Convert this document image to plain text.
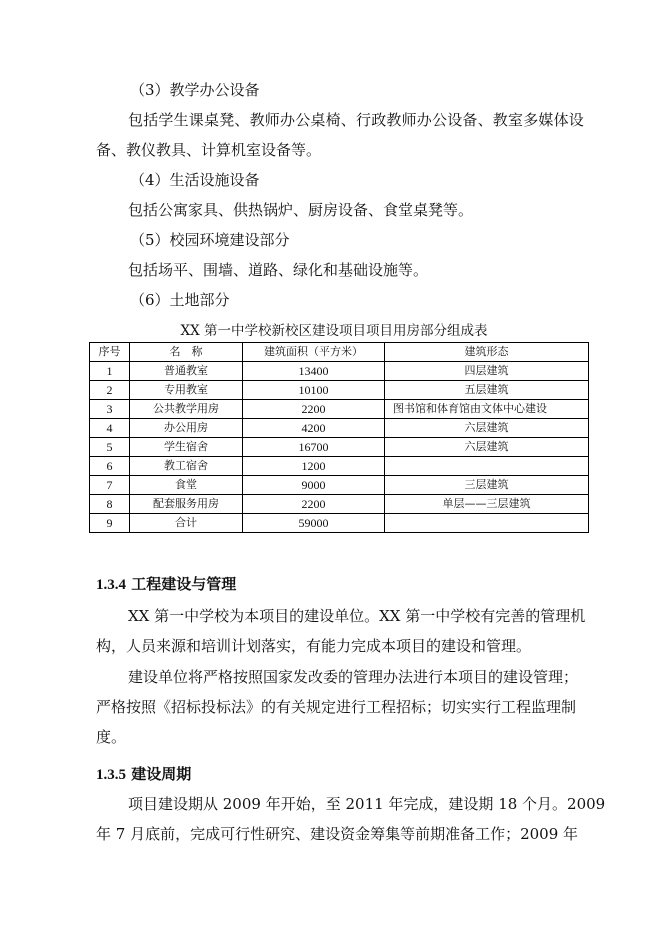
（3）教学办公设备
包括学生课桌凳、教师办公桌椅、行政教师办公设备、教室多媒体设
备、教仪教具、计算机室设备等。
（4）生活设施设备
包括公寓家具、供热锅炉、厨房设备、食堂桌凳等。
（5）校园环境建设部分
包括场平、围墙、道路、绿化和基础设施等。
（6）土地部分
XX 第一中学校新校区建设项目项目用房部分组成表
序号	名　称	建筑面积（平方米）	建筑形态
1	普通教室	13400	四层建筑
2	专用教室	10100	五层建筑
3	公共教学用房	2200	图书馆和体育馆由文体中心建设
4	办公用房	4200	六层建筑
5	学生宿舍	16700	六层建筑
6	教工宿舍	1200	
7	食堂	9000	三层建筑
8	配套服务用房	2200	单层——三层建筑
9	合计	59000	
1.3.4 工程建设与管理
XX 第一中学校为本项目的建设单位。XX 第一中学校有完善的管理机
构，人员来源和培训计划落实，有能力完成本项目的建设和管理。
建设单位将严格按照国家发改委的管理办法进行本项目的建设管理；
严格按照《招标投标法》的有关规定进行工程招标；切实实行工程监理制
度。
1.3.5 建设周期
项目建设期从 2009 年开始，至 2011 年完成，建设期 18 个月。2009
年 7 月底前，完成可行性研究、建设资金筹集等前期准备工作；2009 年
